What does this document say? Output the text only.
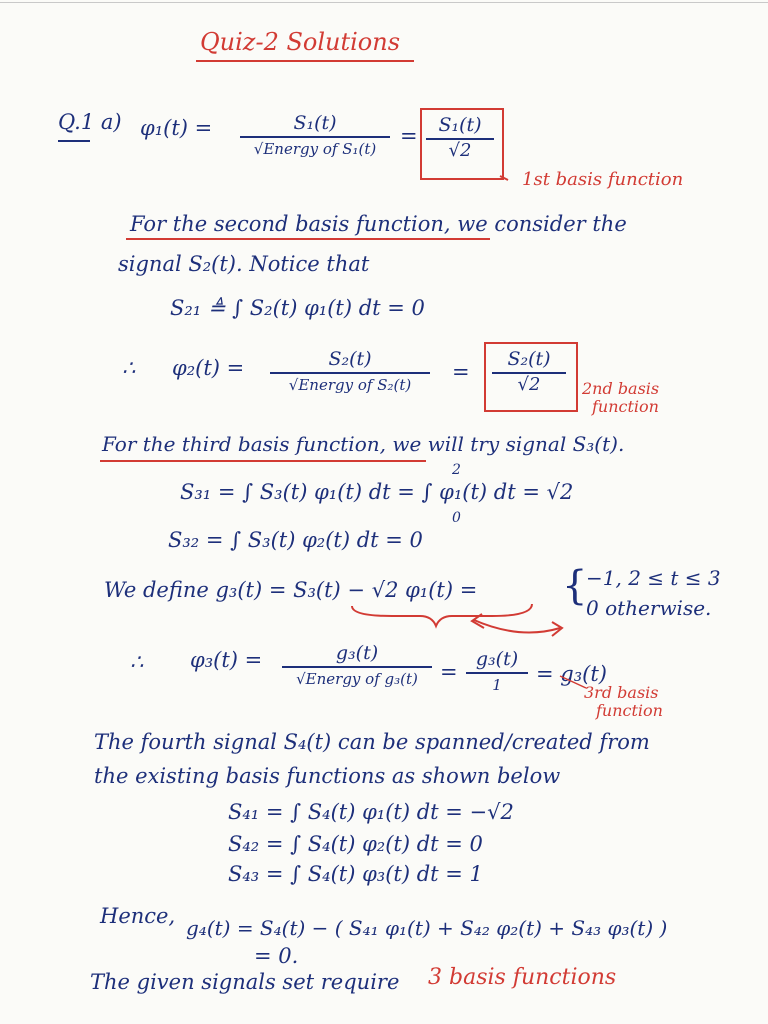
Quiz-2 Solutions
Q.1 a) φ₁(t) =	S₁(t)
√Energy of S₁(t)
=	S₁(t)
√2
1st basis function
For the second basis function, we consider the
signal S₂(t). Notice that
S₂₁ ≜ ∫ S₂(t) φ₁(t) dt = 0
∴ φ₂(t) =	S₂(t)
√Energy of S₂(t)
=
S₂(t)
√2	2nd basis
function
For the third basis function, we will try signal S₃(t).
2
S₃₁ = ∫ S₃(t) φ₁(t) dt = ∫ φ₁(t) dt = √2
0
S₃₂ = ∫ S₃(t) φ₂(t) dt = 0
We define g₃(t) = S₃(t) − √2 φ₁(t) = {
−1, 2 ≤ t ≤ 3
0 otherwise.
∴ φ₃(t) =	g₃(t)
√Energy of g₃(t)	=
g₃(t)
1	= g₃(t)
3rd basis
function
The fourth signal S₄(t) can be spanned/created from
the existing basis functions as shown below
S₄₁ = ∫ S₄(t) φ₁(t) dt = −√2
S₄₂ = ∫ S₄(t) φ₂(t) dt = 0
S₄₃ = ∫ S₄(t) φ₃(t) dt = 1
Hence, g₄(t) = S₄(t) − ( S₄₁ φ₁(t) + S₄₂ φ₂(t) + S₄₃ φ₃(t) )
= 0.
The given signals set require 3 basis functions
